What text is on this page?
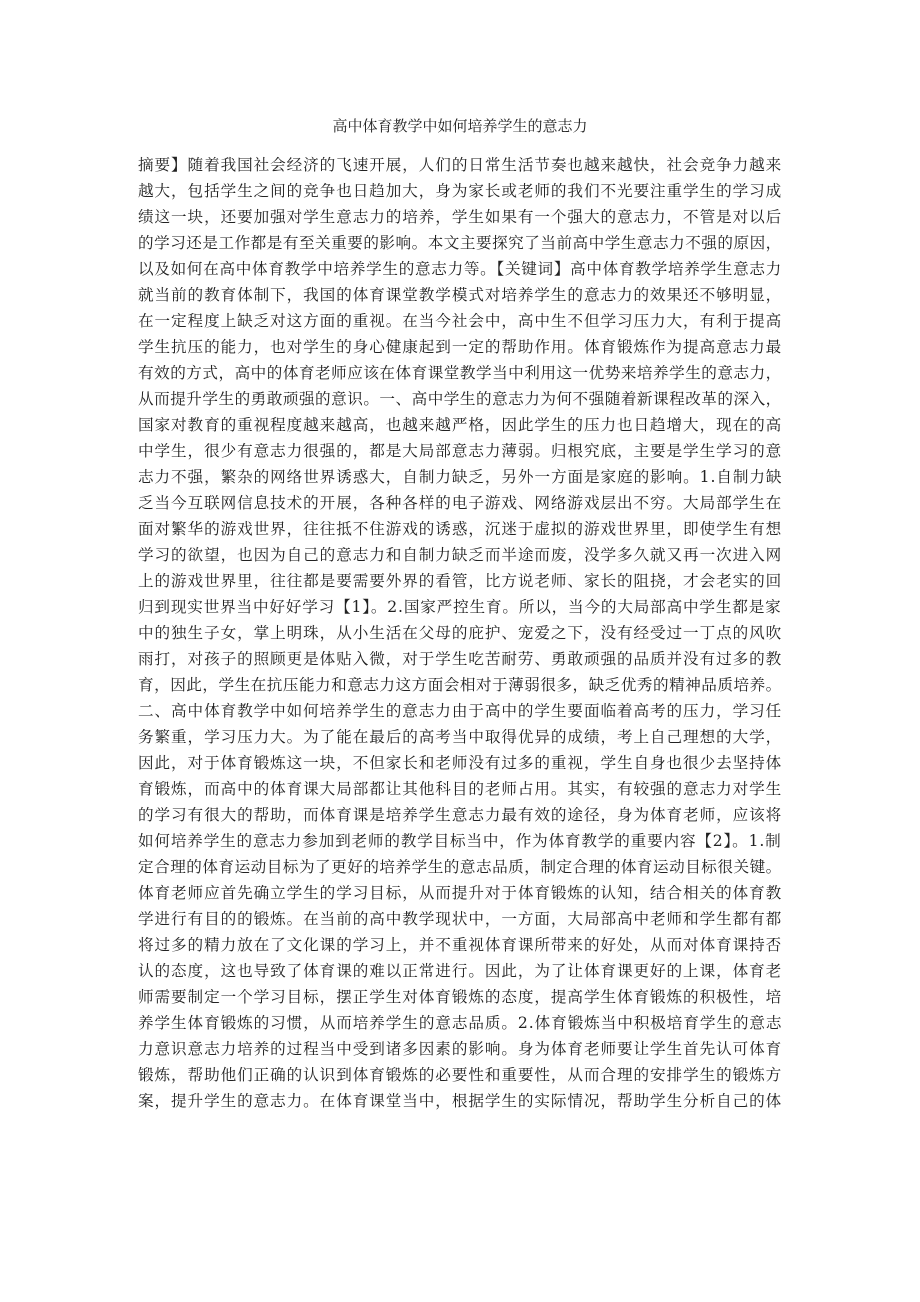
高中体育教学中如何培养学生的意志力
摘要】随着我国社会经济的飞速开展，人们的日常生活节奏也越来越快，社会竞争力越来
越大，包括学生之间的竞争也日趋加大，身为家长或老师的我们不光要注重学生的学习成
绩这一块，还要加强对学生意志力的培养，学生如果有一个强大的意志力，不管是对以后
的学习还是工作都是有至关重要的影响。本文主要探究了当前高中学生意志力不强的原因，
以及如何在高中体育教学中培养学生的意志力等。【关键词】高中体育教学培养学生意志力
就当前的教育体制下，我国的体育课堂教学模式对培养学生的意志力的效果还不够明显，
在一定程度上缺乏对这方面的重视。在当今社会中，高中生不但学习压力大，有利于提高
学生抗压的能力，也对学生的身心健康起到一定的帮助作用。体育锻炼作为提高意志力最
有效的方式，高中的体育老师应该在体育课堂教学当中利用这一优势来培养学生的意志力，
从而提升学生的勇敢顽强的意识。一、高中学生的意志力为何不强随着新课程改革的深入，
国家对教育的重视程度越来越高，也越来越严格，因此学生的压力也日趋增大，现在的高
中学生，很少有意志力很强的，都是大局部意志力薄弱。归根究底，主要是学生学习的意
志力不强，繁杂的网络世界诱惑大，自制力缺乏，另外一方面是家庭的影响。1.自制力缺
乏当今互联网信息技术的开展，各种各样的电子游戏、网络游戏层出不穷。大局部学生在
面对繁华的游戏世界，往往抵不住游戏的诱惑，沉迷于虚拟的游戏世界里，即使学生有想
学习的欲望，也因为自己的意志力和自制力缺乏而半途而废，没学多久就又再一次进入网
上的游戏世界里，往往都是要需要外界的看管，比方说老师、家长的阻挠，才会老实的回
归到现实世界当中好好学习【1】。2.国家严控生育。所以，当今的大局部高中学生都是家
中的独生子女，掌上明珠，从小生活在父母的庇护、宠爱之下，没有经受过一丁点的风吹
雨打，对孩子的照顾更是体贴入微，对于学生吃苦耐劳、勇敢顽强的品质并没有过多的教
育，因此，学生在抗压能力和意志力这方面会相对于薄弱很多，缺乏优秀的精神品质培养。
二、高中体育教学中如何培养学生的意志力由于高中的学生要面临着高考的压力，学习任
务繁重，学习压力大。为了能在最后的高考当中取得优异的成绩，考上自己理想的大学，
因此，对于体育锻炼这一块，不但家长和老师没有过多的重视，学生自身也很少去坚持体
育锻炼，而高中的体育课大局部都让其他科目的老师占用。其实，有较强的意志力对学生
的学习有很大的帮助，而体育课是培养学生意志力最有效的途径，身为体育老师，应该将
如何培养学生的意志力参加到老师的教学目标当中，作为体育教学的重要内容【2】。1.制
定合理的体育运动目标为了更好的培养学生的意志品质，制定合理的体育运动目标很关键。
体育老师应首先确立学生的学习目标，从而提升对于体育锻炼的认知，结合相关的体育教
学进行有目的的锻炼。在当前的高中教学现状中，一方面，大局部高中老师和学生都有都
将过多的精力放在了文化课的学习上，并不重视体育课所带来的好处，从而对体育课持否
认的态度，这也导致了体育课的难以正常进行。因此，为了让体育课更好的上课，体育老
师需要制定一个学习目标，摆正学生对体育锻炼的态度，提高学生体育锻炼的积极性，培
养学生体育锻炼的习惯，从而培养学生的意志品质。2.体育锻炼当中积极培育学生的意志
力意识意志力培养的过程当中受到诸多因素的影响。身为体育老师要让学生首先认可体育
锻炼，帮助他们正确的认识到体育锻炼的必要性和重要性，从而合理的安排学生的锻炼方
案，提升学生的意志力。在体育课堂当中，根据学生的实际情况，帮助学生分析自己的体
